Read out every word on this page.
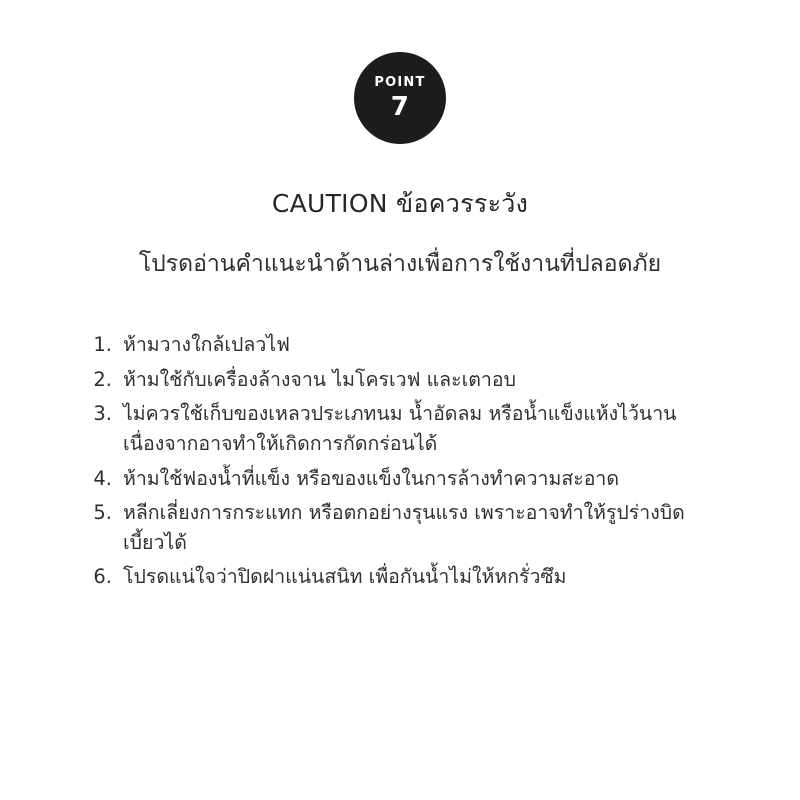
POINT
7
CAUTION ข้อควรระวัง
โปรดอ่านคำแนะนำด้านล่างเพื่อการใช้งานที่ปลอดภัย
1. ห้ามวางใกล้เปลวไฟ
2. ห้ามใช้กับเครื่องล้างจาน ไมโครเวฟ และเตาอบ
3. ไม่ควรใช้เก็บของเหลวประเภทนม น้ำอัดลม หรือน้ำแข็งแห้งไว้นาน เนื่องจากอาจทำให้เกิดการกัดกร่อนได้
4. ห้ามใช้ฟองน้ำที่แข็ง หรือของแข็งในการล้างทำความสะอาด
5. หลีกเลี่ยงการกระแทก หรือตกอย่างรุนแรง เพราะอาจทำให้รูปร่างบิดเบี้ยวได้
6. โปรดแน่ใจว่าปิดฝาแน่นสนิท เพื่อกันน้ำไม่ให้หกรั่วซึม
